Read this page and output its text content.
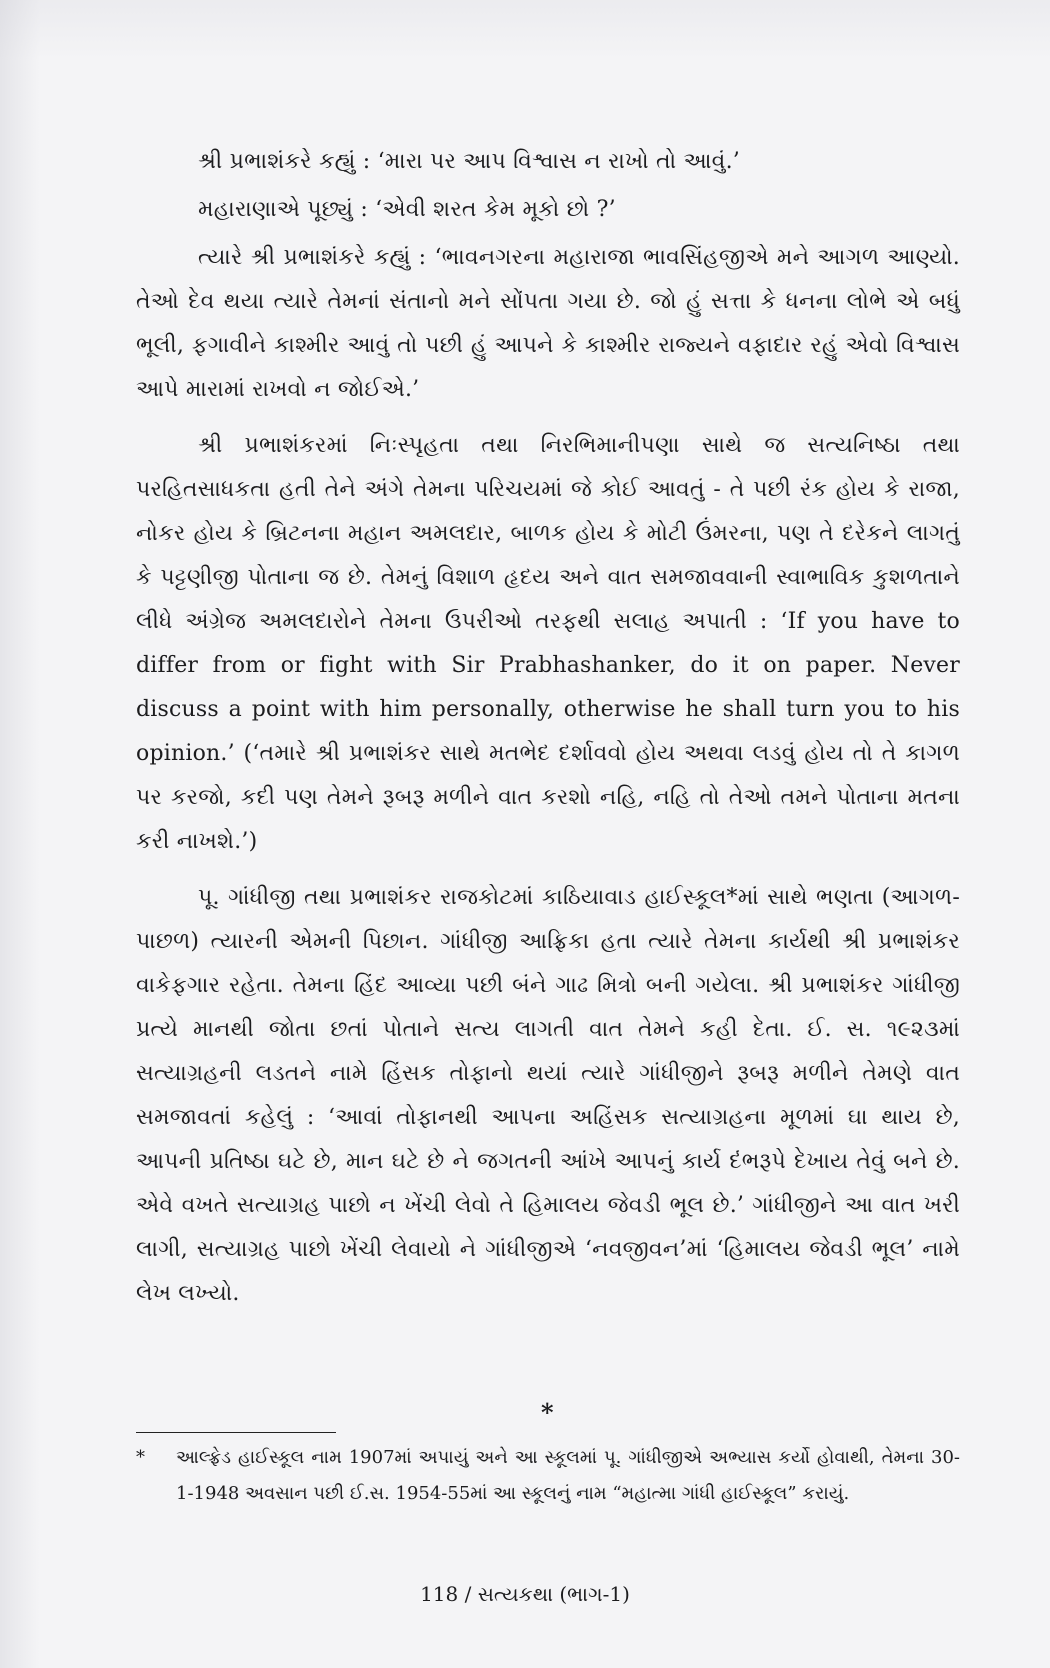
શ્રી પ્રભાશંકરે કહ્યું : ‘મારા પર આપ વિશ્વાસ ન રાખો તો આવું.’

મહારાણાએ પૂછ્યું : ‘એવી શરત કેમ મૂકો છો ?’

ત્યારે શ્રી પ્રભાશંકરે કહ્યું : ‘ભાવનગરના મહારાજા ભાવસિંહજીએ મને આગળ આણ્યો. તેઓ દેવ થયા ત્યારે તેમનાં સંતાનો મને સોંપતા ગયા છે. જો હું સત્તા કે ધનના લોભે એ બધું ભૂલી, ફગાવીને કાશ્મીર આવું તો પછી હું આપને કે કાશ્મીર રાજ્યને વફાદાર રહું એવો વિશ્વાસ આપે મારામાં રાખવો ન જોઈએ.’

શ્રી પ્રભાશંકરમાં નિઃસ્પૃહતા તથા નિરભિમાનીપણા સાથે જ સત્યનિષ્ઠા તથા પરહિતસાધકતા હતી તેને અંગે તેમના પરિચયમાં જે કોઈ આવતું - તે પછી રંક હોય કે રાજા, નોકર હોય કે બ્રિટનના મહાન અમલદાર, બાળક હોય કે મોટી ઉંમરના, પણ તે દરેકને લાગતું કે પટ્ટણીજી પોતાના જ છે. તેમનું વિશાળ હૃદય અને વાત સમજાવવાની સ્વાભાવિક કુશળતાને લીધે અંગ્રેજ અમલદારોને તેમના ઉપરીઓ તરફથી સલાહ અપાતી : ‘If you have to differ from or fight with Sir Prabhashanker, do it on paper. Never discuss a point with him personally, otherwise he shall turn you to his opinion.’ (‘તમારે શ્રી પ્રભાશંકર સાથે મતભેદ દર્શાવવો હોય અથવા લડવું હોય તો તે કાગળ પર કરજો, કદી પણ તેમને રૂબરૂ મળીને વાત કરશો નહિ, નહિ તો તેઓ તમને પોતાના મતના કરી નાખશે.’)

પૂ. ગાંધીજી તથા પ્રભાશંકર રાજકોટમાં કાઠિયાવાડ હાઈસ્કૂલ*માં સાથે ભણતા (આગળ-પાછળ) ત્યારની એમની પિછાન. ગાંધીજી આફ્રિકા હતા ત્યારે તેમના કાર્યથી શ્રી પ્રભાશંકર વાકેફગાર રહેતા. તેમના હિંદ આવ્યા પછી બંને ગાઢ મિત્રો બની ગયેલા. શ્રી પ્રભાશંકર ગાંધીજી પ્રત્યે માનથી જોતા છતાં પોતાને સત્ય લાગતી વાત તેમને કહી દેતા. ઈ. સ. ૧૯૨૩માં સત્યાગ્રહની લડતને નામે હિંસક તોફાનો થયાં ત્યારે ગાંધીજીને રૂબરૂ મળીને તેમણે વાત સમજાવતાં કહેલું : ‘આવાં તોફાનથી આપના અહિંસક સત્યાગ્રહના મૂળમાં ઘા થાય છે, આપની પ્રતિષ્ઠા ઘટે છે, માન ઘટે છે ને જગતની આંખે આપનું કાર્ય દંભરૂપે દેખાય તેવું બને છે. એવે વખતે સત્યાગ્રહ પાછો ન ખેંચી લેવો તે હિમાલય જેવડી ભૂલ છે.’ ગાંધીજીને આ વાત ખરી લાગી, સત્યાગ્રહ પાછો ખેંચી લેવાયો ને ગાંધીજીએ ‘નવજીવન’માં ‘હિમાલય જેવડી ભૂલ’ નામે લેખ લખ્યો.

*
*	આલ્ફ્રેડ હાઈસ્કૂલ નામ 1907માં અપાયું અને આ સ્કૂલમાં પૂ. ગાંધીજીએ અભ્યાસ કર્યો હોવાથી, તેમના 30-1-1948 અવસાન પછી ઈ.સ. 1954-55માં આ સ્કૂલનું નામ “મહાત્મા ગાંધી હાઈસ્કૂલ” કરાયું.
118 / સત્યકથા (ભાગ-1)
